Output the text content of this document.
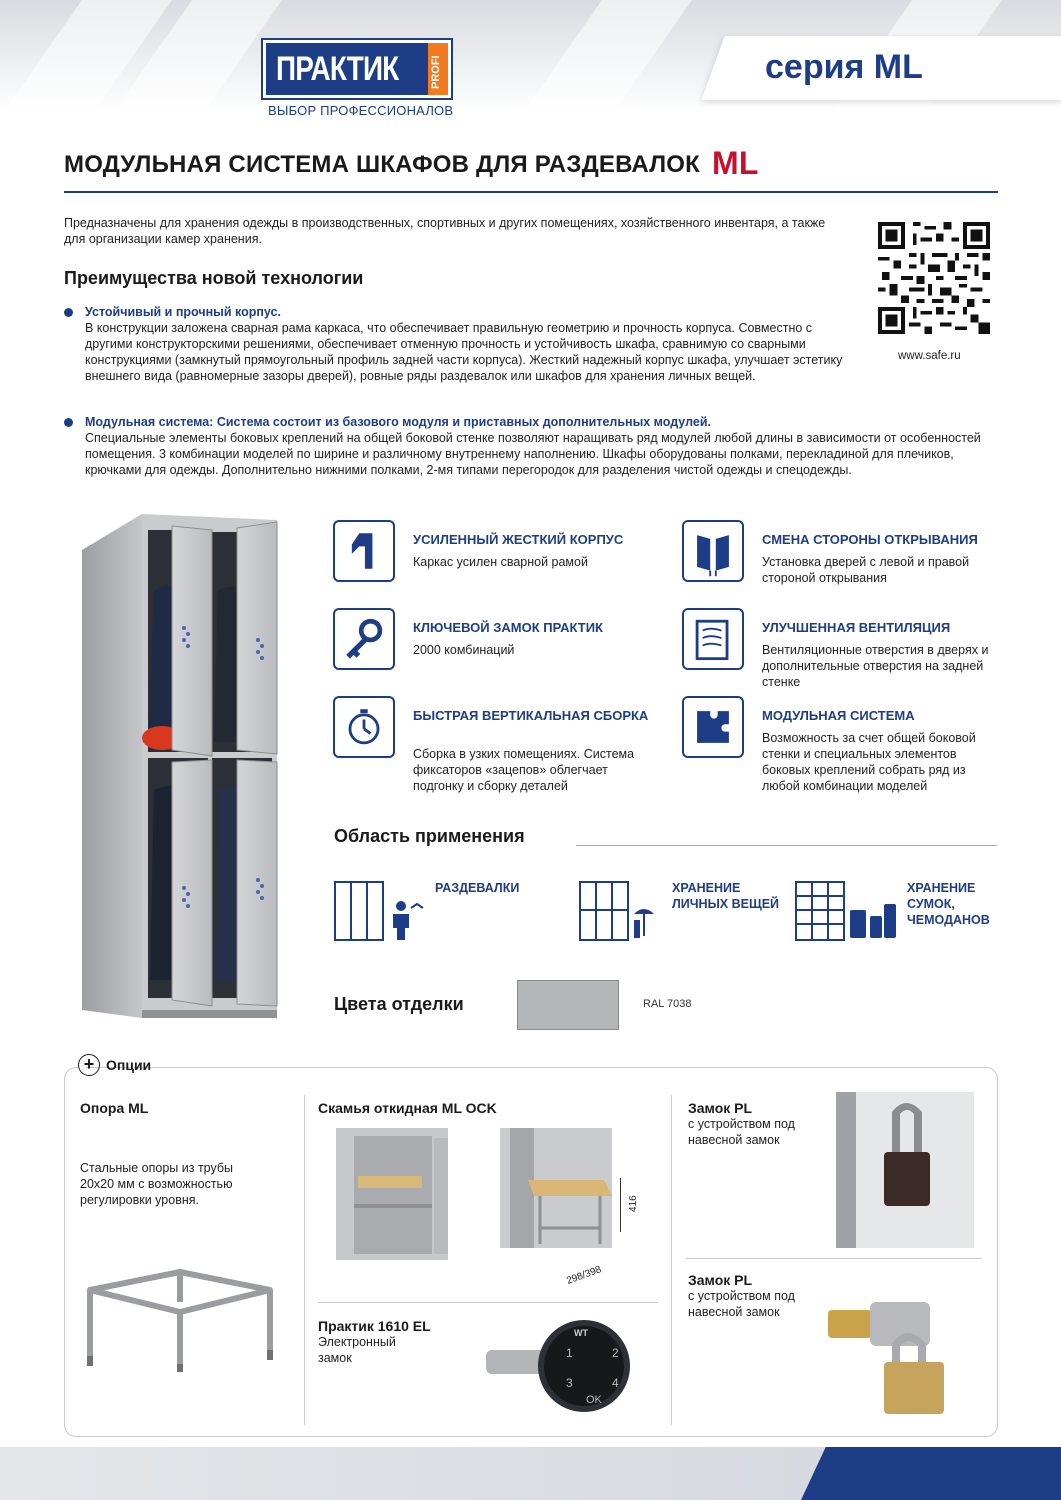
ПРАКТИК	PROFI
ВЫБОР ПРОФЕССИОНАЛОВ
серия ML
МОДУЛЬНАЯ СИСТЕМА ШКАФОВ ДЛЯ РАЗДЕВАЛОК ML
Предназначены для хранения одежды в производственных, спортивных и других помещениях, хозяйственного инвентаря, а также для организации камер хранения.
www.safe.ru
Преимущества новой технологии
Устойчивый и прочный корпус.
В конструкции заложена сварная рама каркаса, что обеспечивает правильную геометрию и прочность корпуса. Совместно с другими конструкторскими решениями, обеспечивает отменную прочность и устойчивость шкафа, сравнимую со сварными конструкциями (замкнутый прямоугольный профиль задней части корпуса). Жесткий надежный корпус шкафа, улучшает эстетику внешнего вида (равномерные зазоры дверей), ровные ряды раздевалок или шкафов для хранения личных вещей.
Модульная система: Система состоит из базового модуля и приставных дополнительных модулей.
Специальные элементы боковых креплений на общей боковой стенке позволяют наращивать ряд модулей любой длины в зависимости от особенностей помещения. 3 комбинации моделей по ширине и различному внутреннему наполнению. Шкафы оборудованы полками, перекладиной для плечиков, крючками для одежды. Дополнительно нижними полками, 2-мя типами перегородок для разделения чистой одежды и спецодежды.
УСИЛЕННЫЙ ЖЕСТКИЙ КОРПУС
Каркас усилен сварной рамой
СМЕНА СТОРОНЫ ОТКРЫВАНИЯ
Установка дверей с левой и правой стороной открывания
КЛЮЧЕВОЙ ЗАМОК ПРАКТИК
2000 комбинаций
УЛУЧШЕННАЯ ВЕНТИЛЯЦИЯ
Вентиляционные отверстия в дверях и дополнительные отверстия на задней стенке
БЫСТРАЯ ВЕРТИКАЛЬНАЯ СБОРКА
Сборка в узких помещениях. Система фиксаторов «зацепов» облегчает подгонку и сборку деталей
МОДУЛЬНАЯ СИСТЕМА
Возможность за счет общей боковой стенки и специальных элементов боковых креплений собрать ряд из любой комбинации моделей
Область применения
РАЗДЕВАЛКИ	ХРАНЕНИЕ ЛИЧНЫХ ВЕЩЕЙ
ХРАНЕНИЕ СУМОК, ЧЕМОДАНОВ
Цвета отделки	RAL 7038
+ Опции
Опора ML
Стальные опоры из трубы 20х20 мм с возможностью регулировки уровня.
Скамья откидная ML OCK
416
298/398
Практик 1610 EL
Электронный замок
WT
1	2
3	4
OK
Замок PL
с устройством под навесной замок
Замок PL
с устройством под навесной замок
